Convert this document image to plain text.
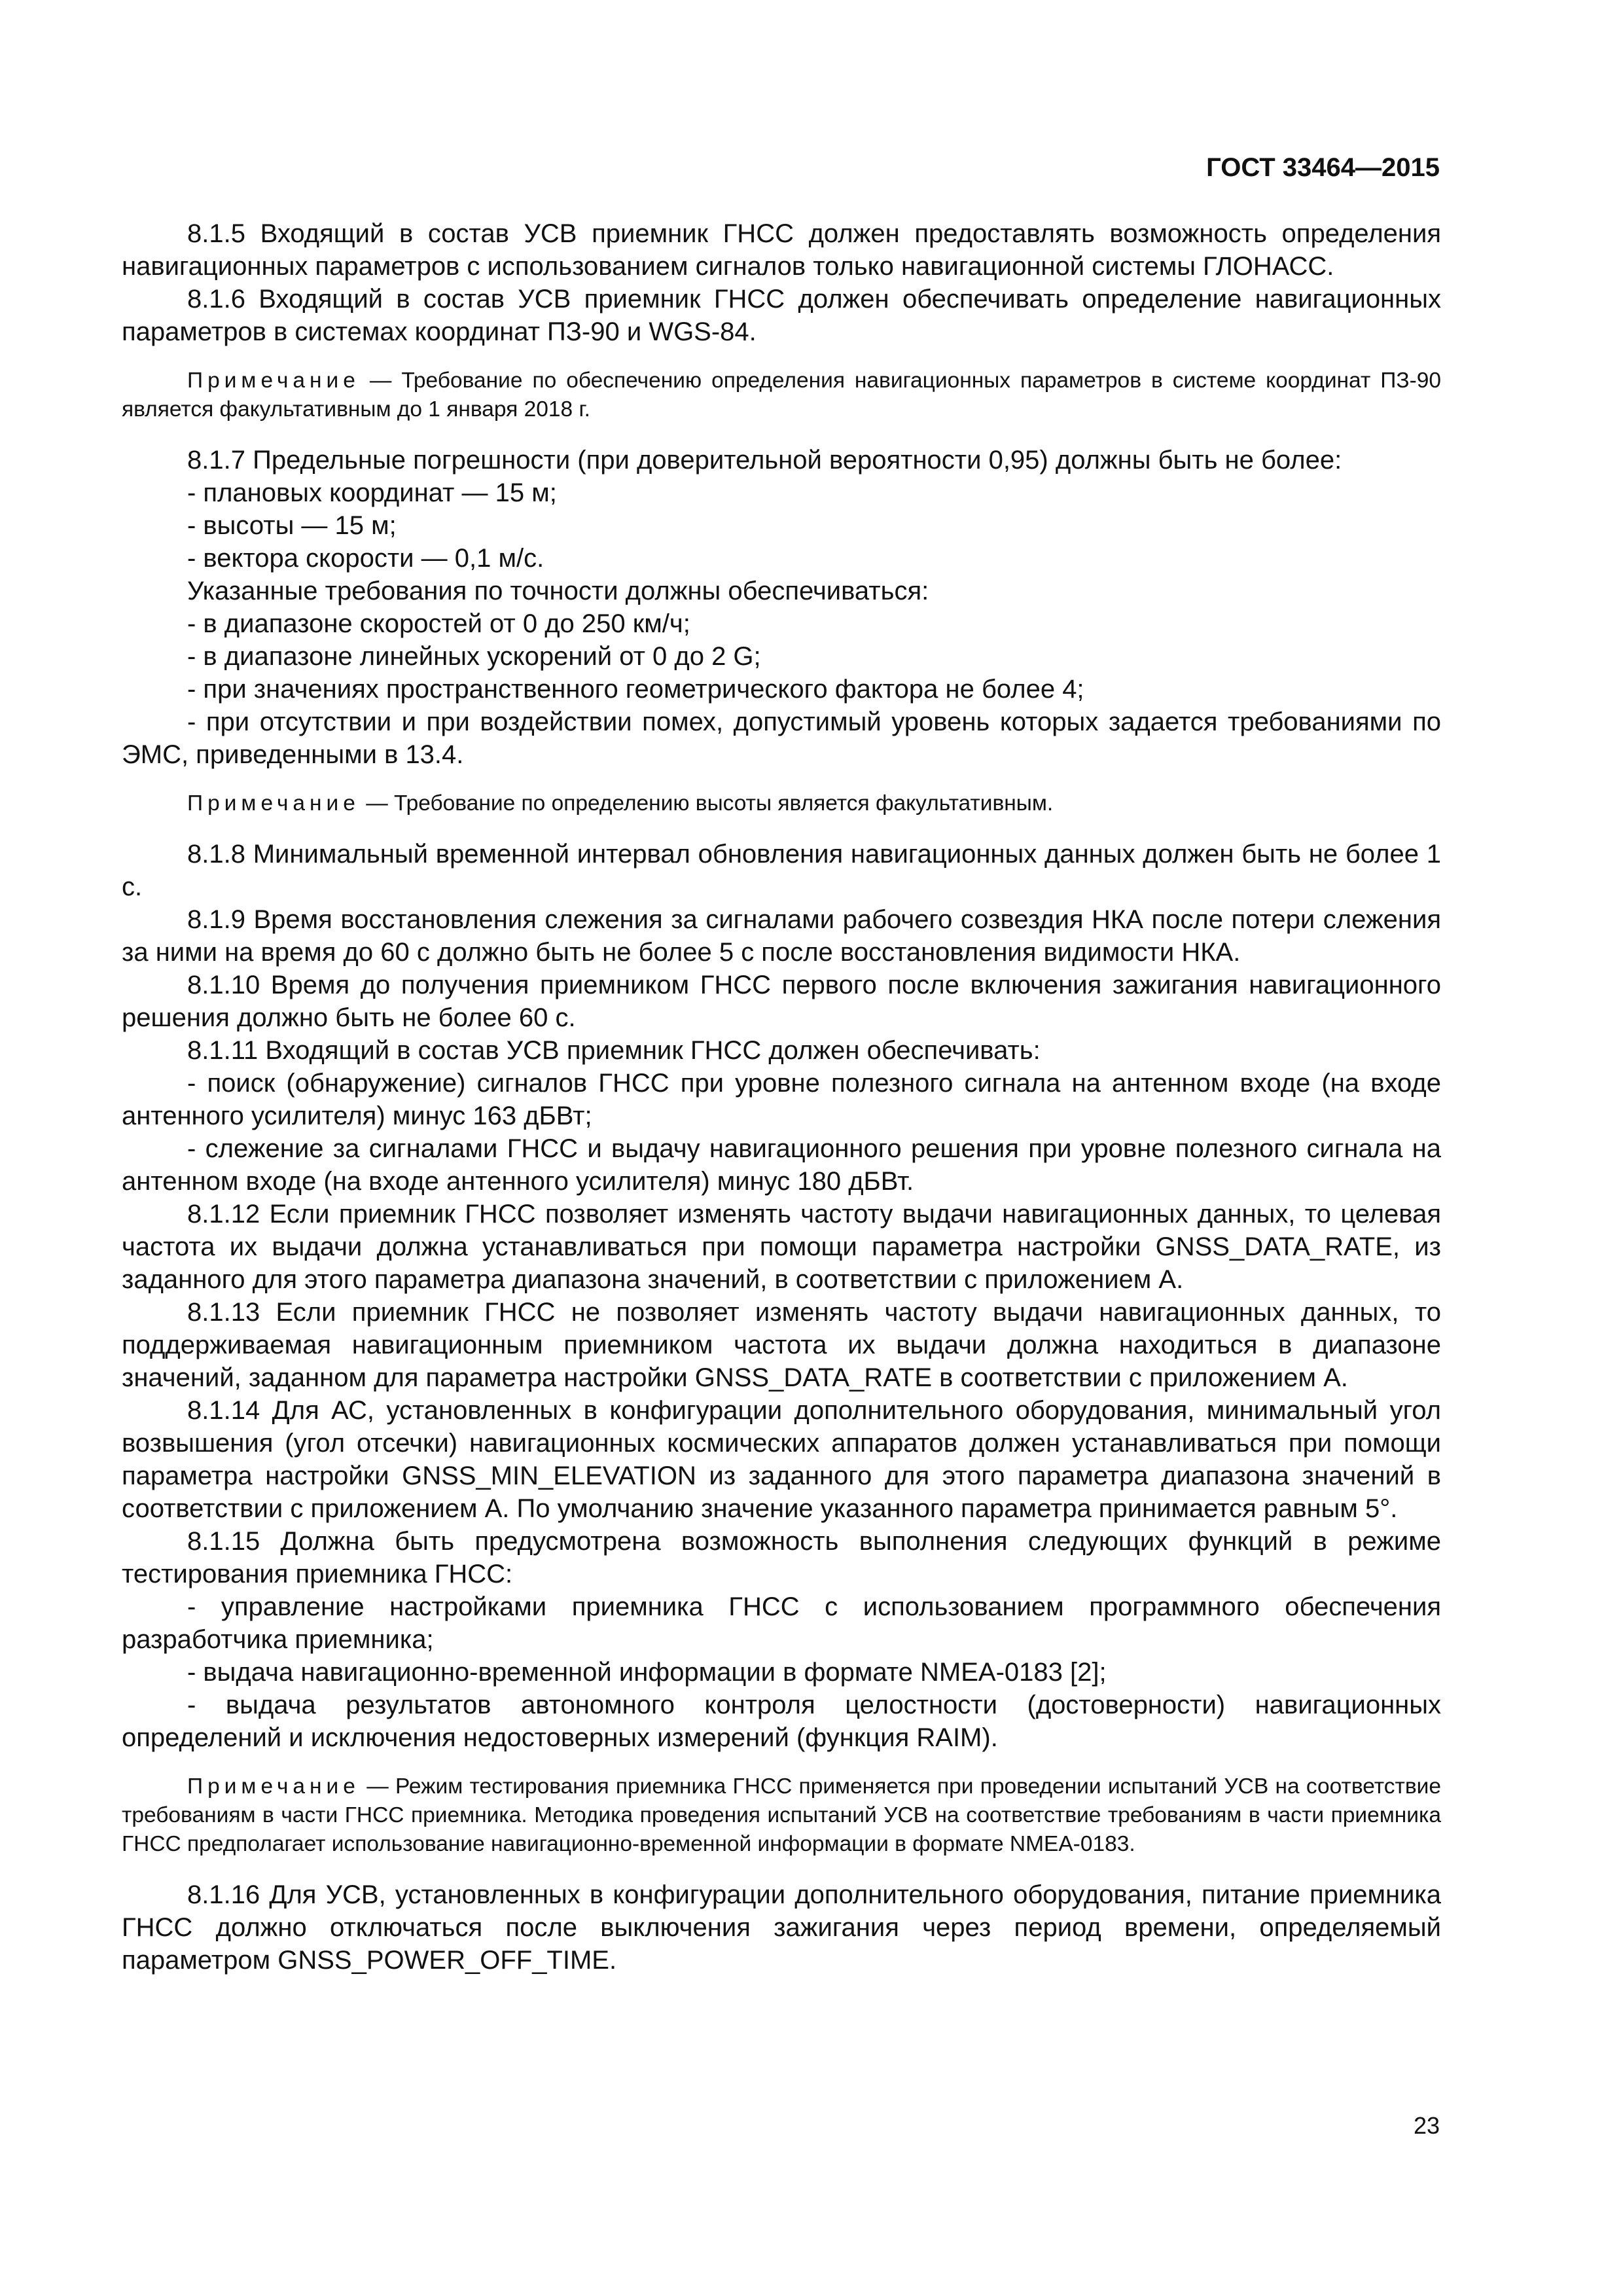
ГОСТ 33464—2015

8.1.5 Входящий в состав УСВ приемник ГНСС должен предоставлять возможность определения навигационных параметров с использованием сигналов только навигационной системы ГЛОНАСС.

8.1.6 Входящий в состав УСВ приемник ГНСС должен обеспечивать определение навигационных параметров в системах координат ПЗ-90 и WGS-84.

Примечание — Требование по обеспечению определения навигационных параметров в системе координат ПЗ-90 является факультативным до 1 января 2018 г.

8.1.7 Предельные погрешности (при доверительной вероятности 0,95) должны быть не более:

- плановых координат — 15 м;

- высоты — 15 м;

- вектора скорости — 0,1 м/с.

Указанные требования по точности должны обеспечиваться:

- в диапазоне скоростей от 0 до 250 км/ч;

- в диапазоне линейных ускорений от 0 до 2 G;

- при значениях пространственного геометрического фактора не более 4;

- при отсутствии и при воздействии помех, допустимый уровень которых задается требованиями по ЭМС, приведенными в 13.4.

Примечание — Требование по определению высоты является факультативным.

8.1.8 Минимальный временной интервал обновления навигационных данных должен быть не более 1 с.

8.1.9 Время восстановления слежения за сигналами рабочего созвездия НКА после потери слежения за ними на время до 60 с должно быть не более 5 с после восстановления видимости НКА.

8.1.10 Время до получения приемником ГНСС первого после включения зажигания навигационного решения должно быть не более 60 с.

8.1.11 Входящий в состав УСВ приемник ГНСС должен обеспечивать:

- поиск (обнаружение) сигналов ГНСС при уровне полезного сигнала на антенном входе (на входе антенного усилителя) минус 163 дБВт;

- слежение за сигналами ГНСС и выдачу навигационного решения при уровне полезного сигнала на антенном входе (на входе антенного усилителя) минус 180 дБВт.

8.1.12 Если приемник ГНСС позволяет изменять частоту выдачи навигационных данных, то целевая частота их выдачи должна устанавливаться при помощи параметра настройки GNSS_DATA_RATE, из заданного для этого параметра диапазона значений, в соответствии с приложением А.

8.1.13 Если приемник ГНСС не позволяет изменять частоту выдачи навигационных данных, то поддерживаемая навигационным приемником частота их выдачи должна находиться в диапазоне значений, заданном для параметра настройки GNSS_DATA_RATE в соответствии с приложением А.

8.1.14 Для АС, установленных в конфигурации дополнительного оборудования, минимальный угол возвышения (угол отсечки) навигационных космических аппаратов должен устанавливаться при помощи параметра настройки GNSS_MIN_ELEVATION из заданного для этого параметра диапазона значений в соответствии с приложением А. По умолчанию значение указанного параметра принимается равным 5°.

8.1.15 Должна быть предусмотрена возможность выполнения следующих функций в режиме тестирования приемника ГНСС:

- управление настройками приемника ГНСС с использованием программного обеспечения разработчика приемника;

- выдача навигационно-временной информации в формате NMEA-0183 [2];

- выдача результатов автономного контроля целостности (достоверности) навигационных определений и исключения недостоверных измерений (функция RAIM).

Примечание — Режим тестирования приемника ГНСС применяется при проведении испытаний УСВ на соответствие требованиям в части ГНСС приемника. Методика проведения испытаний УСВ на соответствие требованиям в части приемника ГНСС предполагает использование навигационно-временной информации в формате NMEA-0183.

8.1.16 Для УСВ, установленных в конфигурации дополнительного оборудования, питание приемника ГНСС должно отключаться после выключения зажигания через период времени, определяемый параметром GNSS_POWER_OFF_TIME.

23
